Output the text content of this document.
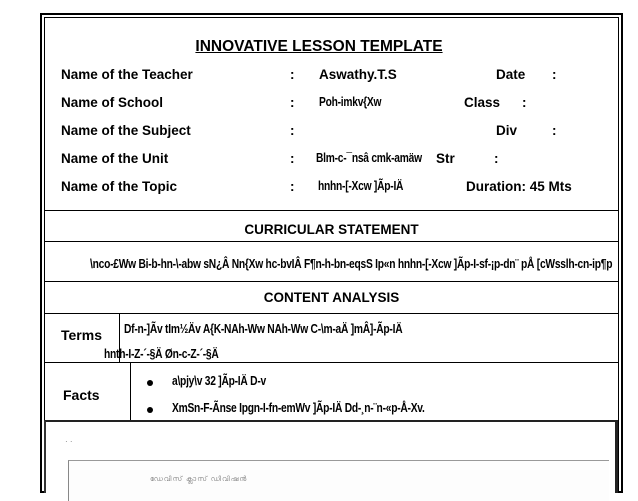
INNOVATIVE LESSON TEMPLATE
Name of the Teacher	: Aswathy.T.S	Date :
Name of School	: Poh-imkv{Xw	Class :
Name of the Subject	:	Div	:
Name of the Unit	: Blm-c-¯nsâ cmk-amäw Str	:
Name of the Topic	: hnhn-[-Xcw ]Ãp-IÄ	Duration: 45 Mts
CURRICULAR STATEMENT
\nco-£Ww Bi-b-hn-\-abw sN¿Â Nn{Xw hc-bvIÂ F¶n-h-bn-eqsS Ip«n hnhn-[-Xcw ]Ãp-I-sf-¡p-dn¨ pÅ [cWsslh-cn-ip¶p
CONTENT ANALYSIS
Terms Df-n-]Ãv tIm½Äv A{K-NAh-Ww NAh-Ww C-\m-aÄ ]mÂ]-Ãp-IÄ
hnth-I-Z-´-§Ä Øn-c-Z-´-§Ä
Facts
a\pjy\v 32 ]Ãp-IÄ D-v
XmSn-F-Ãnse Ipgn-I-fn-emWv ]Ãp-IÄ Dd-¸n-¨n-«p-Å-Xv.
· ·
ഡേവിസ് ക്ലാസ് ഡിവിഷൻ
